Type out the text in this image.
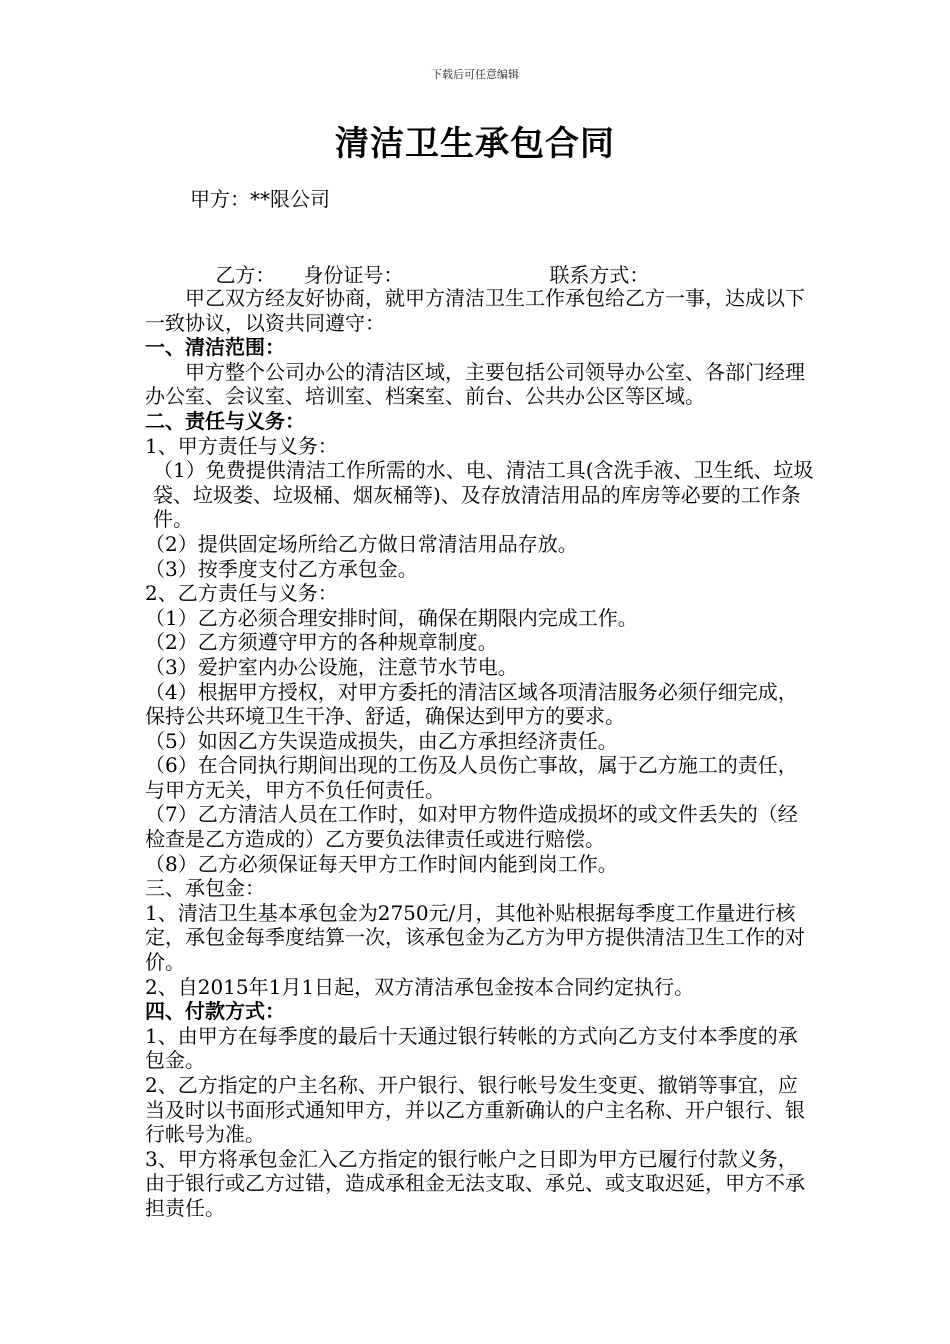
下载后可任意编辑
清洁卫生承包合同
甲方：**限公司

乙方： 身份证号：	联系方式：

甲乙双方经友好协商，就甲方清洁卫生工作承包给乙方一事，达成以下一致协议，以资共同遵守：

一、清洁范围：

甲方整个公司办公的清洁区域，主要包括公司领导办公室、各部门经理办公室、会议室、培训室、档案室、前台、公共办公区等区域。

二、责任与义务：

1、甲方责任与义务：

（1）免费提供清洁工作所需的水、电、清洁工具(含洗手液、卫生纸、垃圾袋、垃圾娄、垃圾桶、烟灰桶等)、及存放清洁用品的库房等必要的工作条件。

（2）提供固定场所给乙方做日常清洁用品存放。

（3）按季度支付乙方承包金。

2、乙方责任与义务：

（1）乙方必须合理安排时间，确保在期限内完成工作。

（2）乙方须遵守甲方的各种规章制度。

（3）爱护室内办公设施，注意节水节电。

（4）根据甲方授权，对甲方委托的清洁区域各项清洁服务必须仔细完成，保持公共环境卫生干净、舒适，确保达到甲方的要求。

（5）如因乙方失误造成损失，由乙方承担经济责任。

（6）在合同执行期间出现的工伤及人员伤亡事故，属于乙方施工的责任，与甲方无关，甲方不负任何责任。

（7）乙方清洁人员在工作时，如对甲方物件造成损坏的或文件丢失的（经检查是乙方造成的）乙方要负法律责任或进行赔偿。

（8）乙方必须保证每天甲方工作时间内能到岗工作。

三、承包金：

1、清洁卫生基本承包金为2750元/月，其他补贴根据每季度工作量进行核定，承包金每季度结算一次，该承包金为乙方为甲方提供清洁卫生工作的对价。

2、自2015年1月1日起，双方清洁承包金按本合同约定执行。

四、付款方式：

1、由甲方在每季度的最后十天通过银行转帐的方式向乙方支付本季度的承包金。

2、乙方指定的户主名称、开户银行、银行帐号发生变更、撤销等事宜，应当及时以书面形式通知甲方，并以乙方重新确认的户主名称、开户银行、银行帐号为准。

3、甲方将承包金汇入乙方指定的银行帐户之日即为甲方已履行付款义务，由于银行或乙方过错，造成承租金无法支取、承兑、或支取迟延，甲方不承担责任。
